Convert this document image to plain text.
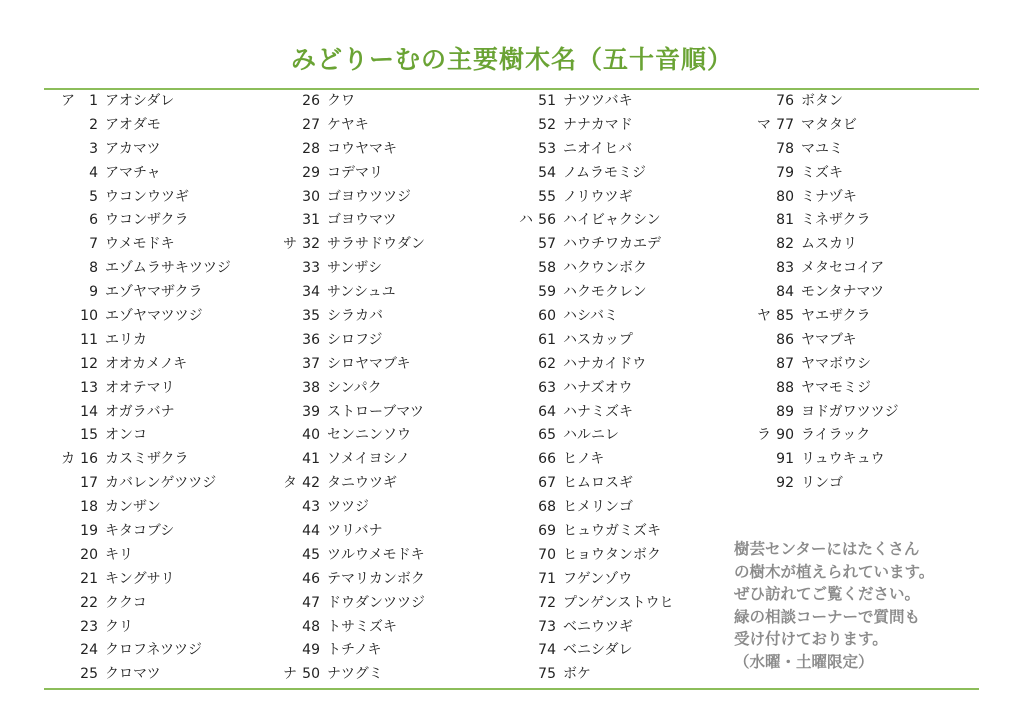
みどりーむの主要樹木名（五十音順）
ア	1 アオシダレ
2 アオダモ
3 アカマツ
4 アマチャ
5 ウコンウツギ
6 ウコンザクラ
7 ウメモドキ
8 エゾムラサキツツジ
9 エゾヤマザクラ
10 エゾヤマツツジ
11 エリカ
12 オオカメノキ
13 オオテマリ
14 オガラバナ
15 オンコ
カ 16 カスミザクラ
17 カバレンゲツツジ
18 カンザン
19 キタコブシ
20 キリ
21 キングサリ
22 ククコ
23 クリ
24 クロフネツツジ
25 クロマツ
26 クワ
27 ケヤキ
28 コウヤマキ
29 コデマリ
30 ゴヨウツツジ
31 ゴヨウマツ
サ 32 サラサドウダン
33 サンザシ
34 サンシュユ
35 シラカバ
36 シロフジ
37 シロヤマブキ
38 シンパク
39 ストローブマツ
40 センニンソウ
41 ソメイヨシノ
タ 42 タニウツギ
43 ツツジ
44 ツリバナ
45 ツルウメモドキ
46 テマリカンボク
47 ドウダンツツジ
48 トサミズキ
49 トチノキ
ナ 50 ナツグミ
51 ナツツバキ
52 ナナカマド
53 ニオイヒバ
54 ノムラモミジ
55 ノリウツギ
ハ 56 ハイビャクシン
57 ハウチワカエデ
58 ハクウンボク
59 ハクモクレン
60 ハシバミ
61 ハスカップ
62 ハナカイドウ
63 ハナズオウ
64 ハナミズキ
65 ハルニレ
66 ヒノキ
67 ヒムロスギ
68 ヒメリンゴ
69 ヒュウガミズキ
70 ヒョウタンボク
71 フゲンゾウ
72 プンゲンストウヒ
73 ベニウツギ
74 ベニシダレ
75 ボケ
76 ボタン
マ 77 マタタビ
78 マユミ
79 ミズキ
80 ミナヅキ
81 ミネザクラ
82 ムスカリ
83 メタセコイア
84 モンタナマツ
ヤ 85 ヤエザクラ
86 ヤマブキ
87 ヤマボウシ
88 ヤマモミジ
89 ヨドガワツツジ
ラ 90 ライラック
91 リュウキュウ
92 リンゴ
樹芸センターにはたくさん
の樹木が植えられています。
ぜひ訪れてご覧ください。
緑の相談コーナーで質問も
受け付けております。
（水曜・土曜限定）
